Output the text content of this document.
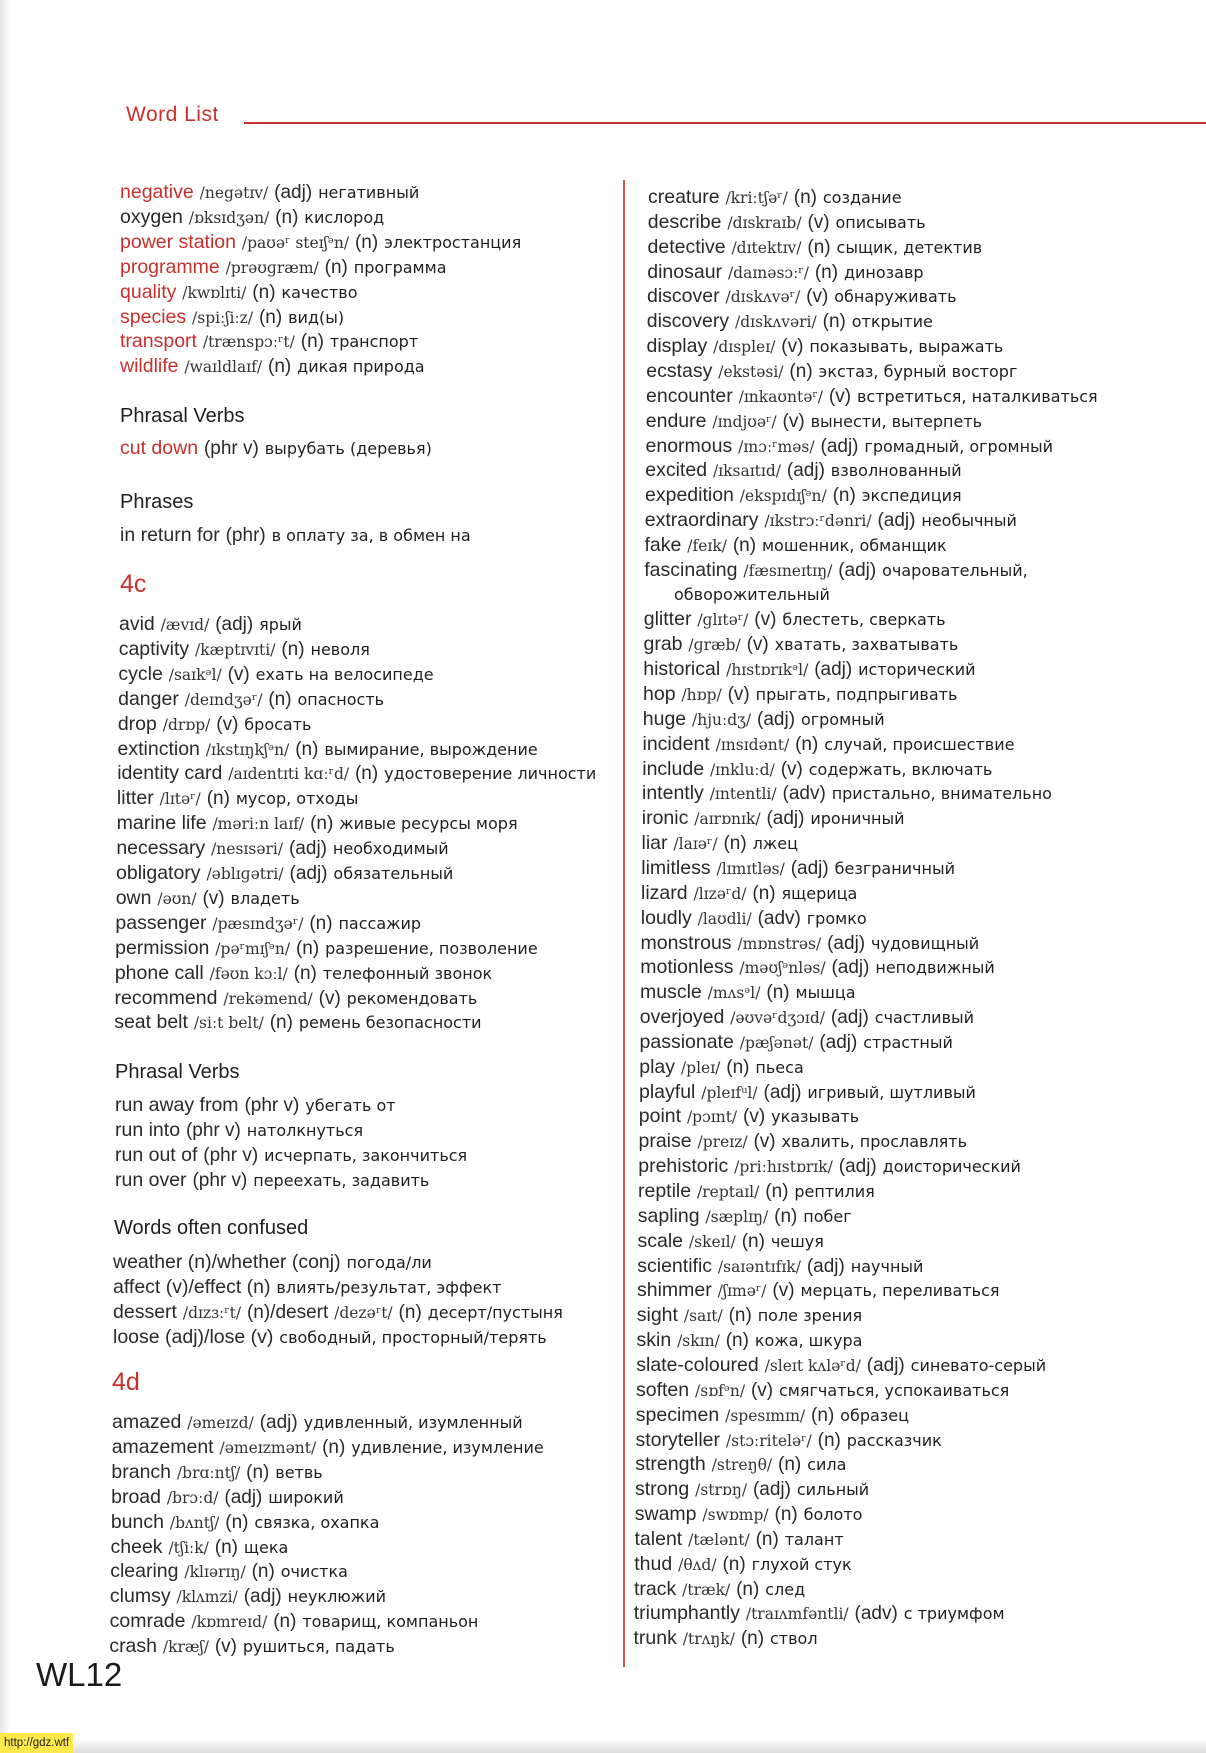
Word List
negative /negətɪv/ (adj) негативный
oxygen /ɒksɪdʒən/ (n) кислород
power station /paʊəʳ steɪʃᵊn/ (n) электростанция
programme /prəʊɡræm/ (n) программа
quality /kwɒlɪti/ (n) качество
species /spiːʃiːz/ (n) вид(ы)
transport /trænspɔːʳt/ (n) транспорт
wildlife /waɪldlaɪf/ (n) дикая природа
Phrasal Verbs
cut down (phr v) вырубать (деревья)
Phrases
in return for (phr) в оплату за, в обмен на
4c
avid /ævɪd/ (adj) ярый
captivity /kæptɪvɪti/ (n) неволя
cycle /saɪkᵊl/ (v) ехать на велосипеде
danger /deɪndʒəʳ/ (n) опасность
drop /drɒp/ (v) бросать
extinction /ɪkstɪŋkʃᵊn/ (n) вымирание, вырождение
identity card /aɪdentɪti kɑːʳd/ (n) удостоверение личности
litter /lɪtəʳ/ (n) мусор, отходы
marine life /məriːn laɪf/ (n) живые ресурсы моря
necessary /nesɪsəri/ (adj) необходимый
obligatory /əblɪɡətri/ (adj) обязательный
own /əʊn/ (v) владеть
passenger /pæsɪndʒəʳ/ (n) пассажир
permission /pəʳmɪʃᵊn/ (n) разрешение, позволение
phone call /fəʊn kɔːl/ (n) телефонный звонок
recommend /rekəmend/ (v) рекомендовать
seat belt /siːt belt/ (n) ремень безопасности
Phrasal Verbs
run away from (phr v) убегать от
run into (phr v) натолкнуться
run out of (phr v) исчерпать, закончиться
run over (phr v) переехать, задавить
Words often confused
weather (n)/whether (conj) погода/ли
affect (v)/effect (n) влиять/результат, эффект
dessert /dɪzɜːʳt/ (n)/desert /dezəʳt/ (n) десерт/пустыня
loose (adj)/lose (v) свободный, просторный/терять
4d
amazed /əmeɪzd/ (adj) удивленный, изумленный
amazement /əmeɪzmənt/ (n) удивление, изумление
branch /brɑːntʃ/ (n) ветвь
broad /brɔːd/ (adj) широкий
bunch /bʌntʃ/ (n) связка, охапка
cheek /tʃiːk/ (n) щека
clearing /klɪərɪŋ/ (n) очистка
clumsy /klʌmzi/ (adj) неуклюжий
comrade /kɒmreɪd/ (n) товарищ, компаньон
crash /kræʃ/ (v) рушиться, падать
creature /kriːtʃəʳ/ (n) создание
describe /dɪskraɪb/ (v) описывать
detective /dɪtektɪv/ (n) сыщик, детектив
dinosaur /daɪnəsɔːʳ/ (n) динозавр
discover /dɪskʌvəʳ/ (v) обнаруживать
discovery /dɪskʌvəri/ (n) открытие
display /dɪspleɪ/ (v) показывать, выражать
ecstasy /ekstəsi/ (n) экстаз, бурный восторг
encounter /ɪnkaʊntəʳ/ (v) встретиться, наталкиваться
endure /ɪndjʊəʳ/ (v) вынести, вытерпеть
enormous /ɪnɔːʳməs/ (adj) громадный, огромный
excited /ɪksaɪtɪd/ (adj) взволнованный
expedition /ekspɪdɪʃᵊn/ (n) экспедиция
extraordinary /ɪkstrɔːʳdənri/ (adj) необычный
fake /feɪk/ (n) мошенник, обманщик
fascinating /fæsɪneɪtɪŋ/ (adj) очаровательный,
обворожительный
glitter /ɡlɪtəʳ/ (v) блестеть, сверкать
grab /ɡræb/ (v) хватать, захватывать
historical /hɪstɒrɪkᵊl/ (adj) исторический
hop /hɒp/ (v) прыгать, подпрыгивать
huge /hjuːdʒ/ (adj) огромный
incident /ɪnsɪdənt/ (n) случай, происшествие
include /ɪnkluːd/ (v) содержать, включать
intently /ɪntentli/ (adv) пристально, внимательно
ironic /aɪrɒnɪk/ (adj) ироничный
liar /laɪəʳ/ (n) лжец
limitless /lɪmɪtləs/ (adj) безграничный
lizard /lɪzəʳd/ (n) ящерица
loudly /laʊdli/ (adv) громко
monstrous /mɒnstrəs/ (adj) чудовищный
motionless /məʊʃᵊnləs/ (adj) неподвижный
muscle /mʌsᵊl/ (n) мышца
overjoyed /əʊvəʳdʒɔɪd/ (adj) счастливый
passionate /pæʃənət/ (adj) страстный
play /pleɪ/ (n) пьеса
playful /pleɪfᵘl/ (adj) игривый, шутливый
point /pɔɪnt/ (v) указывать
praise /preɪz/ (v) хвалить, прославлять
prehistoric /priːhɪstɒrɪk/ (adj) доисторический
reptile /reptaɪl/ (n) рептилия
sapling /sæplɪŋ/ (n) побег
scale /skeɪl/ (n) чешуя
scientific /saɪəntɪfɪk/ (adj) научный
shimmer /ʃɪməʳ/ (v) мерцать, переливаться
sight /saɪt/ (n) поле зрения
skin /skɪn/ (n) кожа, шкура
slate-coloured /sleɪt kʌləʳd/ (adj) синевато-серый
soften /sɒfᵊn/ (v) смягчаться, успокаиваться
specimen /spesɪmɪn/ (n) образец
storyteller /stɔːritelәʳ/ (n) рассказчик
strength /streŋθ/ (n) сила
strong /strɒŋ/ (adj) сильный
swamp /swɒmp/ (n) болото
talent /tælənt/ (n) талант
thud /θʌd/ (n) глухой стук
track /træk/ (n) след
triumphantly /traɪʌmfəntli/ (adv) с триумфом
trunk /trʌŋk/ (n) ствол
WL12
http://gdz.wtf
